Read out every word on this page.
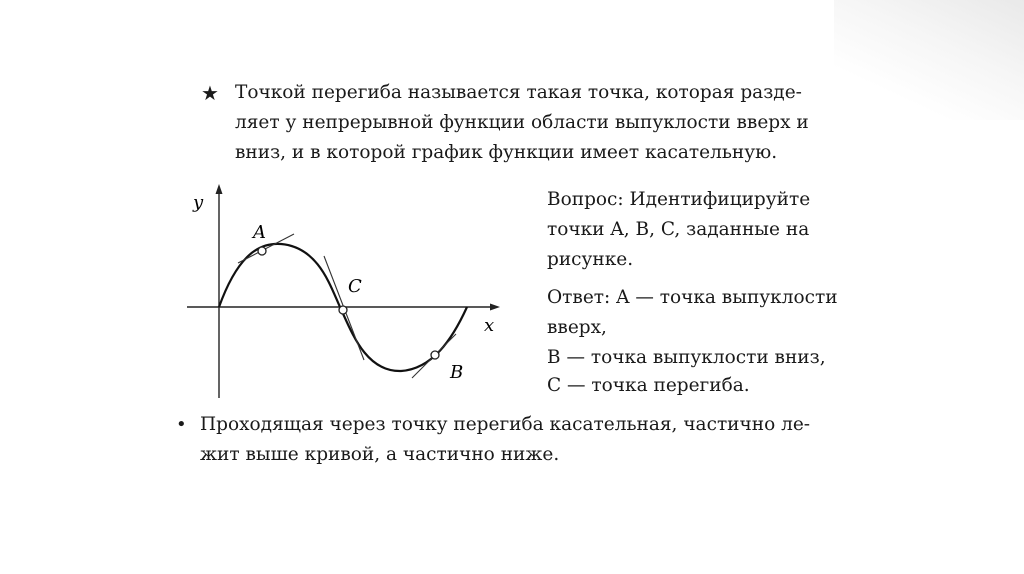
★ Точкой перегиба называется такая точка, которая разде-
ляет у непрерывной функции области выпуклости вверх и
вниз, и в которой график функции имеет касательную.
y
x
A
C
B
Вопрос: Идентифицируйте
точки A, B, C, заданные на
рисунке.
Ответ: A — точка выпуклости
вверх,
B — точка выпуклости вниз,
C — точка перегиба.
• Проходящая через точку перегиба касательная, частично ле-
жит выше кривой, а частично ниже.
